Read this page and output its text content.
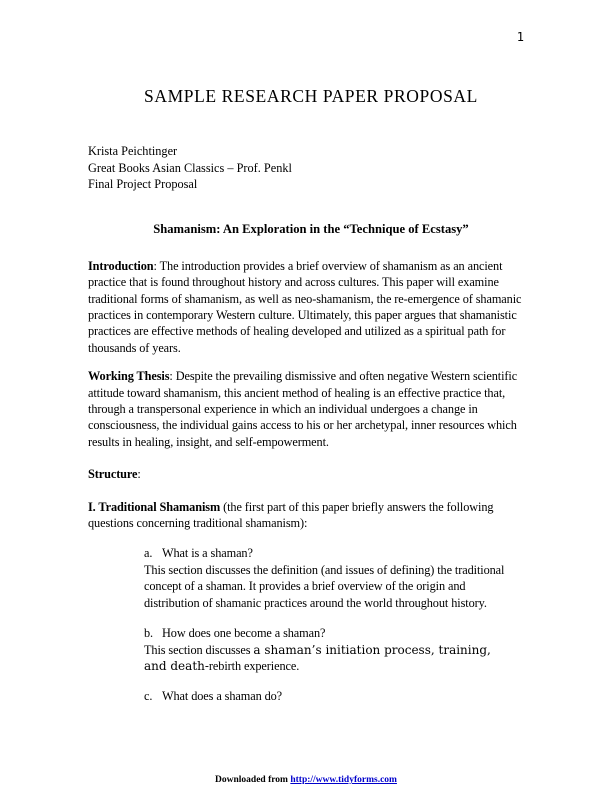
1
SAMPLE RESEARCH PAPER PROPOSAL
Krista Peichtinger
Great Books Asian Classics – Prof. Penkl
Final Project Proposal
Shamanism: An Exploration in the “Technique of Ecstasy”

Introduction: The introduction provides a brief overview of shamanism as an ancient practice that is found throughout history and across cultures. This paper will examine traditional forms of shamanism, as well as neo-shamanism, the re-emergence of shamanic practices in contemporary Western culture. Ultimately, this paper argues that shamanistic practices are effective methods of healing developed and utilized as a spiritual path for thousands of years.

Working Thesis: Despite the prevailing dismissive and often negative Western scientific attitude toward shamanism, this ancient method of healing is an effective practice that, through a transpersonal experience in which an individual undergoes a change in consciousness, the individual gains access to his or her archetypal, inner resources which results in healing, insight, and self-empowerment.

Structure:

I. Traditional Shamanism (the first part of this paper briefly answers the following questions concerning traditional shamanism):

a. What is a shaman?
This section discusses the definition (and issues of defining) the traditional concept of a shaman. It provides a brief overview of the origin and distribution of shamanic practices around the world throughout history.
b. How does one become a shaman?
This section discusses a shaman’s initiation process, training, and death-rebirth experience.
c. What does a shaman do?
Downloaded from http://www.tidyforms.com
